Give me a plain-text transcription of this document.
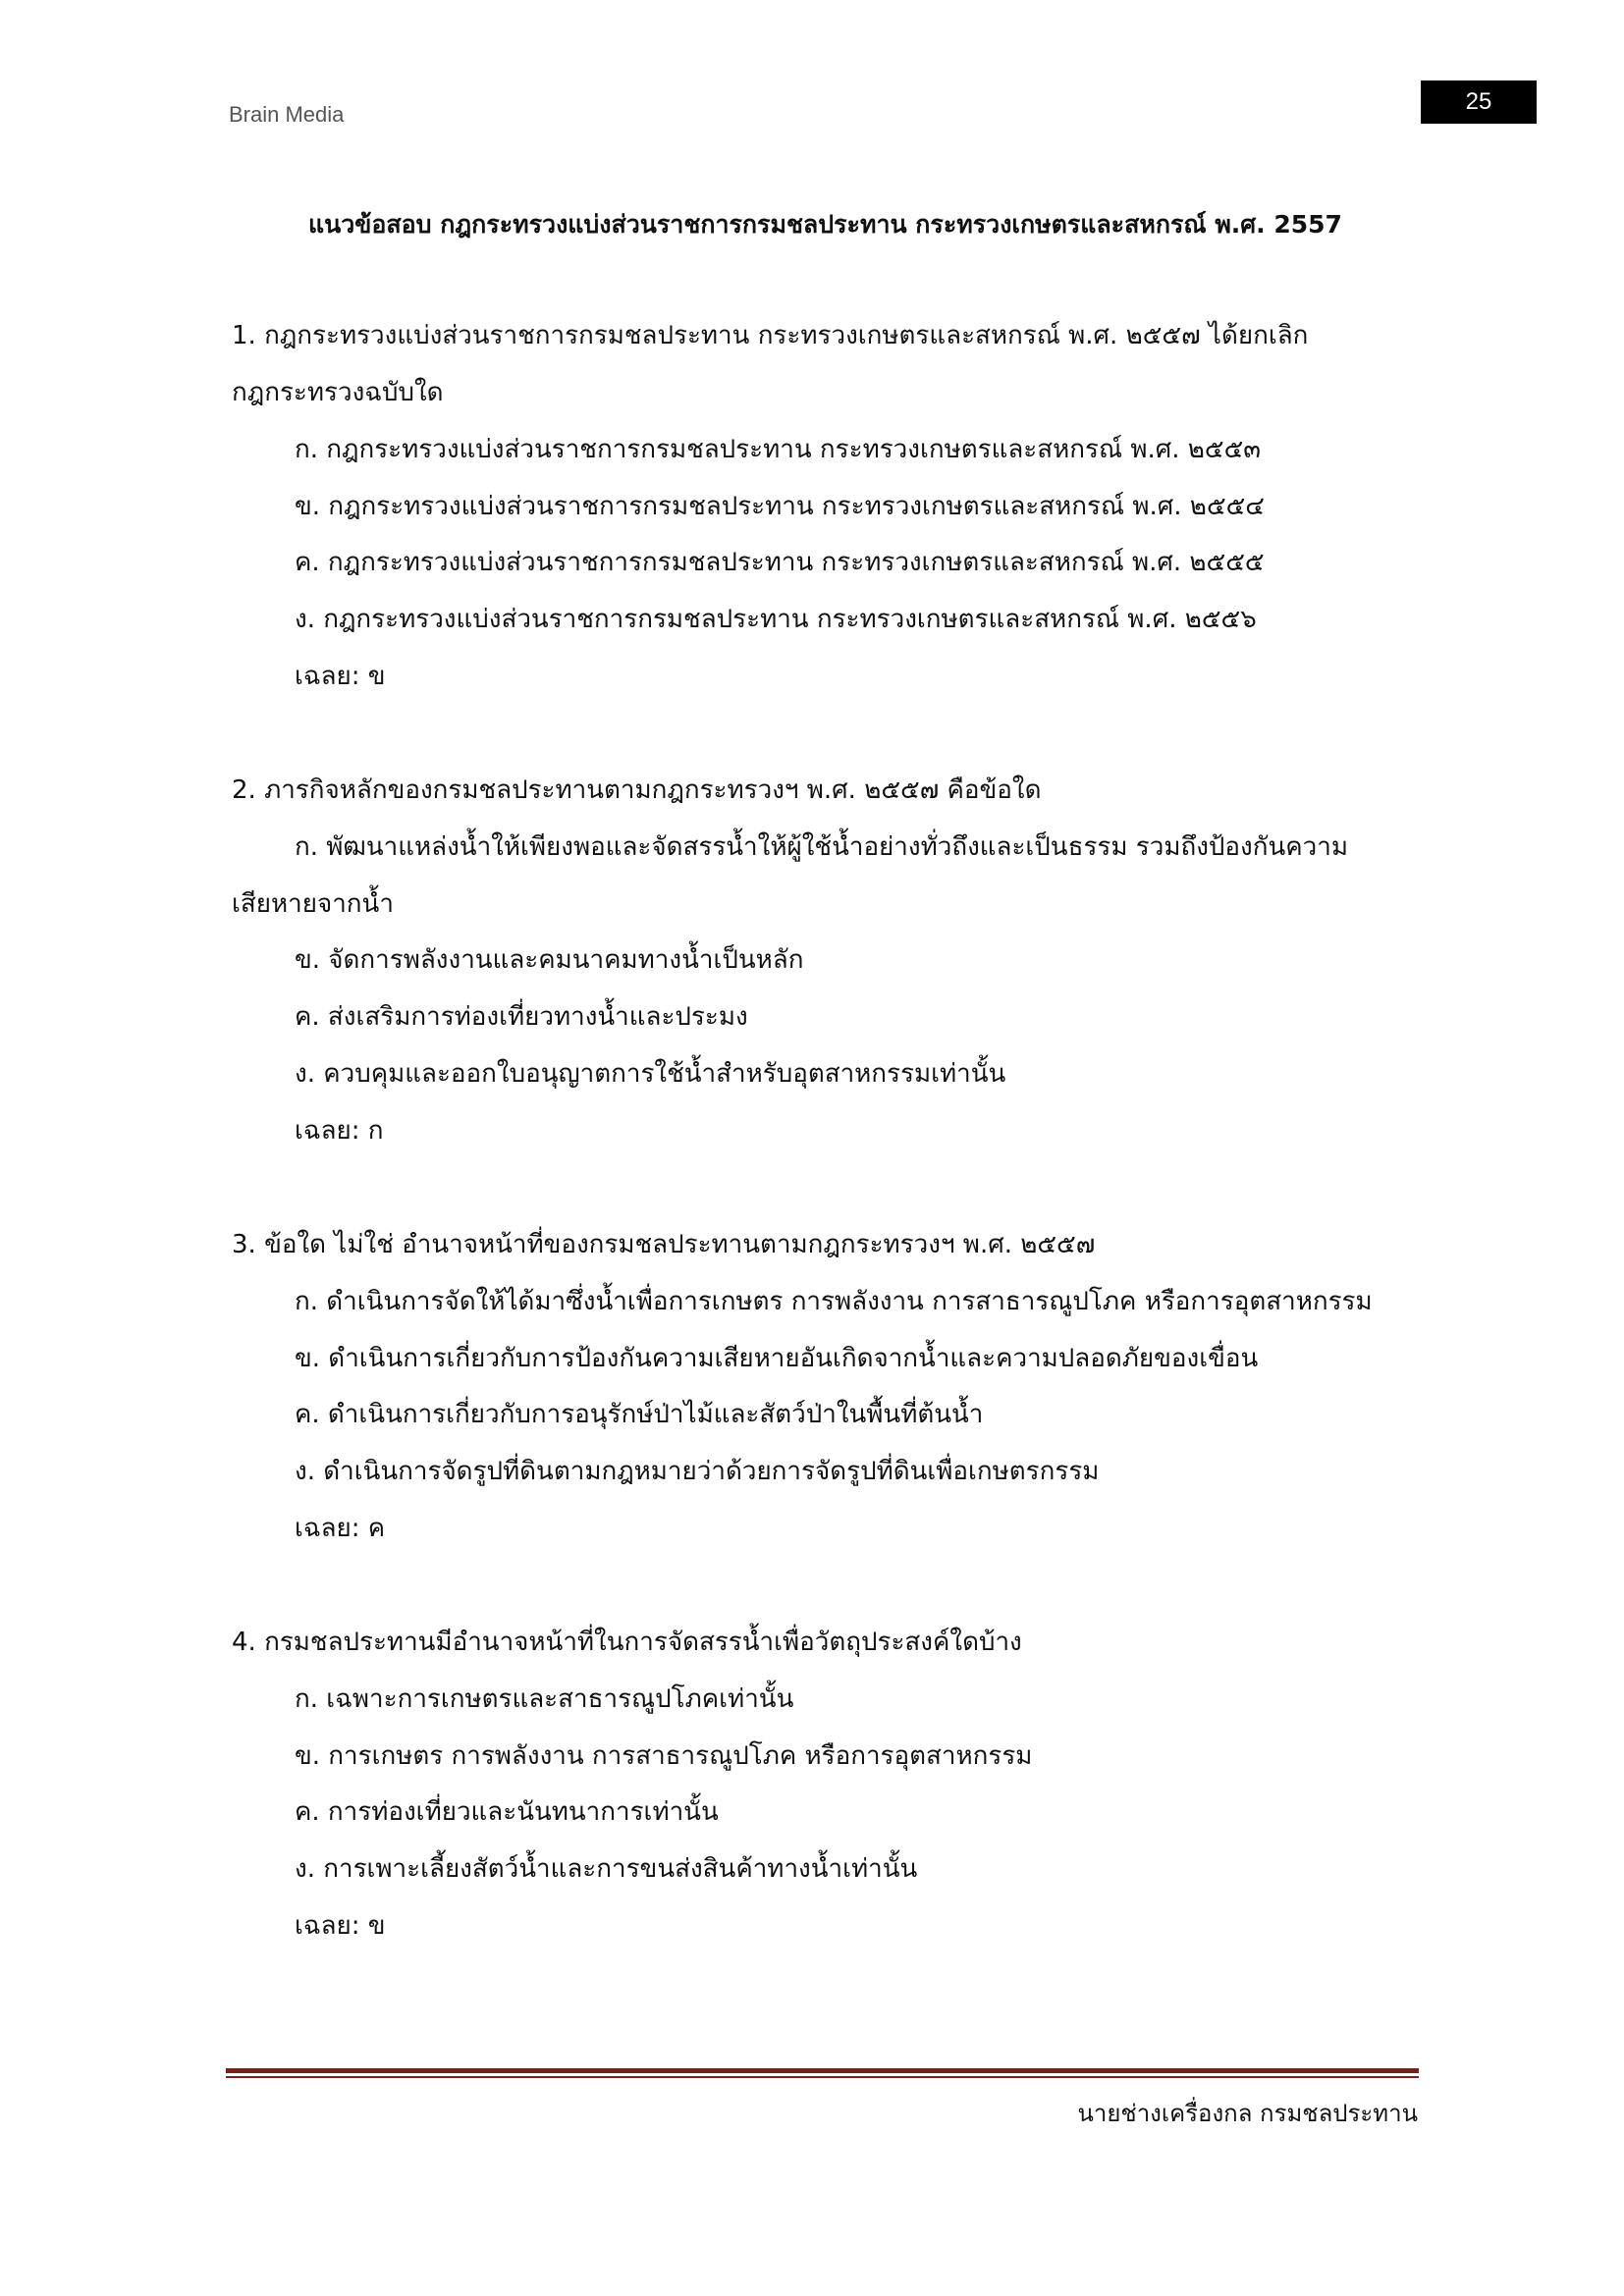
Brain Media	25
แนวข้อสอบ กฎกระทรวงแบ่งส่วนราชการกรมชลประทาน กระทรวงเกษตรและสหกรณ์ พ.ศ. 2557
1. กฎกระทรวงแบ่งส่วนราชการกรมชลประทาน กระทรวงเกษตรและสหกรณ์ พ.ศ. ๒๕๕๗ ได้ยกเลิก
กฎกระทรวงฉบับใด
ก. กฎกระทรวงแบ่งส่วนราชการกรมชลประทาน กระทรวงเกษตรและสหกรณ์ พ.ศ. ๒๕๕๓
ข. กฎกระทรวงแบ่งส่วนราชการกรมชลประทาน กระทรวงเกษตรและสหกรณ์ พ.ศ. ๒๕๕๔
ค. กฎกระทรวงแบ่งส่วนราชการกรมชลประทาน กระทรวงเกษตรและสหกรณ์ พ.ศ. ๒๕๕๕
ง. กฎกระทรวงแบ่งส่วนราชการกรมชลประทาน กระทรวงเกษตรและสหกรณ์ พ.ศ. ๒๕๕๖
เฉลย: ข
2. ภารกิจหลักของกรมชลประทานตามกฎกระทรวงฯ พ.ศ. ๒๕๕๗ คือข้อใด
ก. พัฒนาแหล่งน้ำให้เพียงพอและจัดสรรน้ำให้ผู้ใช้น้ำอย่างทั่วถึงและเป็นธรรม รวมถึงป้องกันความ
เสียหายจากน้ำ
ข. จัดการพลังงานและคมนาคมทางน้ำเป็นหลัก
ค. ส่งเสริมการท่องเที่ยวทางน้ำและประมง
ง. ควบคุมและออกใบอนุญาตการใช้น้ำสำหรับอุตสาหกรรมเท่านั้น
เฉลย: ก
3. ข้อใด ไม่ใช่ อำนาจหน้าที่ของกรมชลประทานตามกฎกระทรวงฯ พ.ศ. ๒๕๕๗
ก. ดำเนินการจัดให้ได้มาซึ่งน้ำเพื่อการเกษตร การพลังงาน การสาธารณูปโภค หรือการอุตสาหกรรม
ข. ดำเนินการเกี่ยวกับการป้องกันความเสียหายอันเกิดจากน้ำและความปลอดภัยของเขื่อน
ค. ดำเนินการเกี่ยวกับการอนุรักษ์ป่าไม้และสัตว์ป่าในพื้นที่ต้นน้ำ
ง. ดำเนินการจัดรูปที่ดินตามกฎหมายว่าด้วยการจัดรูปที่ดินเพื่อเกษตรกรรม
เฉลย: ค
4. กรมชลประทานมีอำนาจหน้าที่ในการจัดสรรน้ำเพื่อวัตถุประสงค์ใดบ้าง
ก. เฉพาะการเกษตรและสาธารณูปโภคเท่านั้น
ข. การเกษตร การพลังงาน การสาธารณูปโภค หรือการอุตสาหกรรม
ค. การท่องเที่ยวและนันทนาการเท่านั้น
ง. การเพาะเลี้ยงสัตว์น้ำและการขนส่งสินค้าทางน้ำเท่านั้น
เฉลย: ข
นายช่างเครื่องกล กรมชลประทาน
